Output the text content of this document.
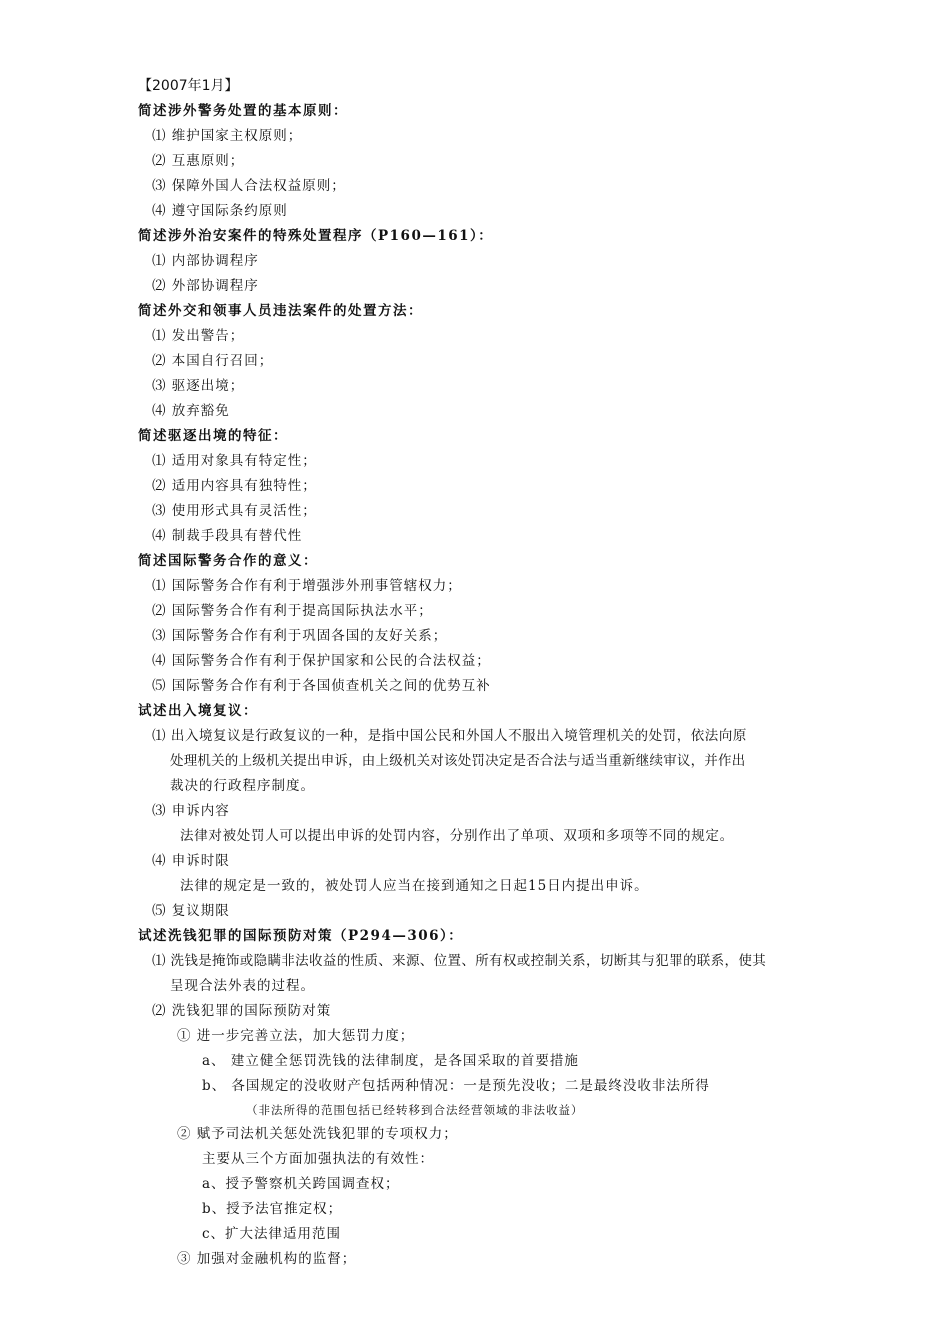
【2007年1月】
简述涉外警务处置的基本原则：
⑴ 维护国家主权原则；
⑵ 互惠原则；
⑶ 保障外国人合法权益原则；
⑷ 遵守国际条约原则
简述涉外治安案件的特殊处置程序（P160—161）：
⑴ 内部协调程序
⑵ 外部协调程序
简述外交和领事人员违法案件的处置方法：
⑴ 发出警告；
⑵ 本国自行召回；
⑶ 驱逐出境；
⑷ 放弃豁免
简述驱逐出境的特征：
⑴ 适用对象具有特定性；
⑵ 适用内容具有独特性；
⑶ 使用形式具有灵活性；
⑷ 制裁手段具有替代性
简述国际警务合作的意义：
⑴ 国际警务合作有利于增强涉外刑事管辖权力；
⑵ 国际警务合作有利于提高国际执法水平；
⑶ 国际警务合作有利于巩固各国的友好关系；
⑷ 国际警务合作有利于保护国家和公民的合法权益；
⑸ 国际警务合作有利于各国侦查机关之间的优势互补
试述出入境复议：
⑴ 出入境复议是行政复议的一种，是指中国公民和外国人不服出入境管理机关的处罚，依法向原
处理机关的上级机关提出申诉，由上级机关对该处罚决定是否合法与适当重新继续审议，并作出
裁决的行政程序制度。
⑶ 申诉内容
法律对被处罚人可以提出申诉的处罚内容，分别作出了单项、双项和多项等不同的规定。
⑷ 申诉时限
法律的规定是一致的，被处罚人应当在接到通知之日起15日内提出申诉。
⑸ 复议期限
试述洗钱犯罪的国际预防对策（P294—306）：
⑴ 洗钱是掩饰或隐瞒非法收益的性质、来源、位置、所有权或控制关系，切断其与犯罪的联系，使其
呈现合法外表的过程。
⑵ 洗钱犯罪的国际预防对策
① 进一步完善立法，加大惩罚力度；
a、 建立健全惩罚洗钱的法律制度，是各国采取的首要措施
b、 各国规定的没收财产包括两种情况：一是预先没收；二是最终没收非法所得
（非法所得的范围包括已经转移到合法经营领域的非法收益）
② 赋予司法机关惩处洗钱犯罪的专项权力；
主要从三个方面加强执法的有效性：
a、授予警察机关跨国调查权；
b、授予法官推定权；
c、扩大法律适用范围
③ 加强对金融机构的监督；
